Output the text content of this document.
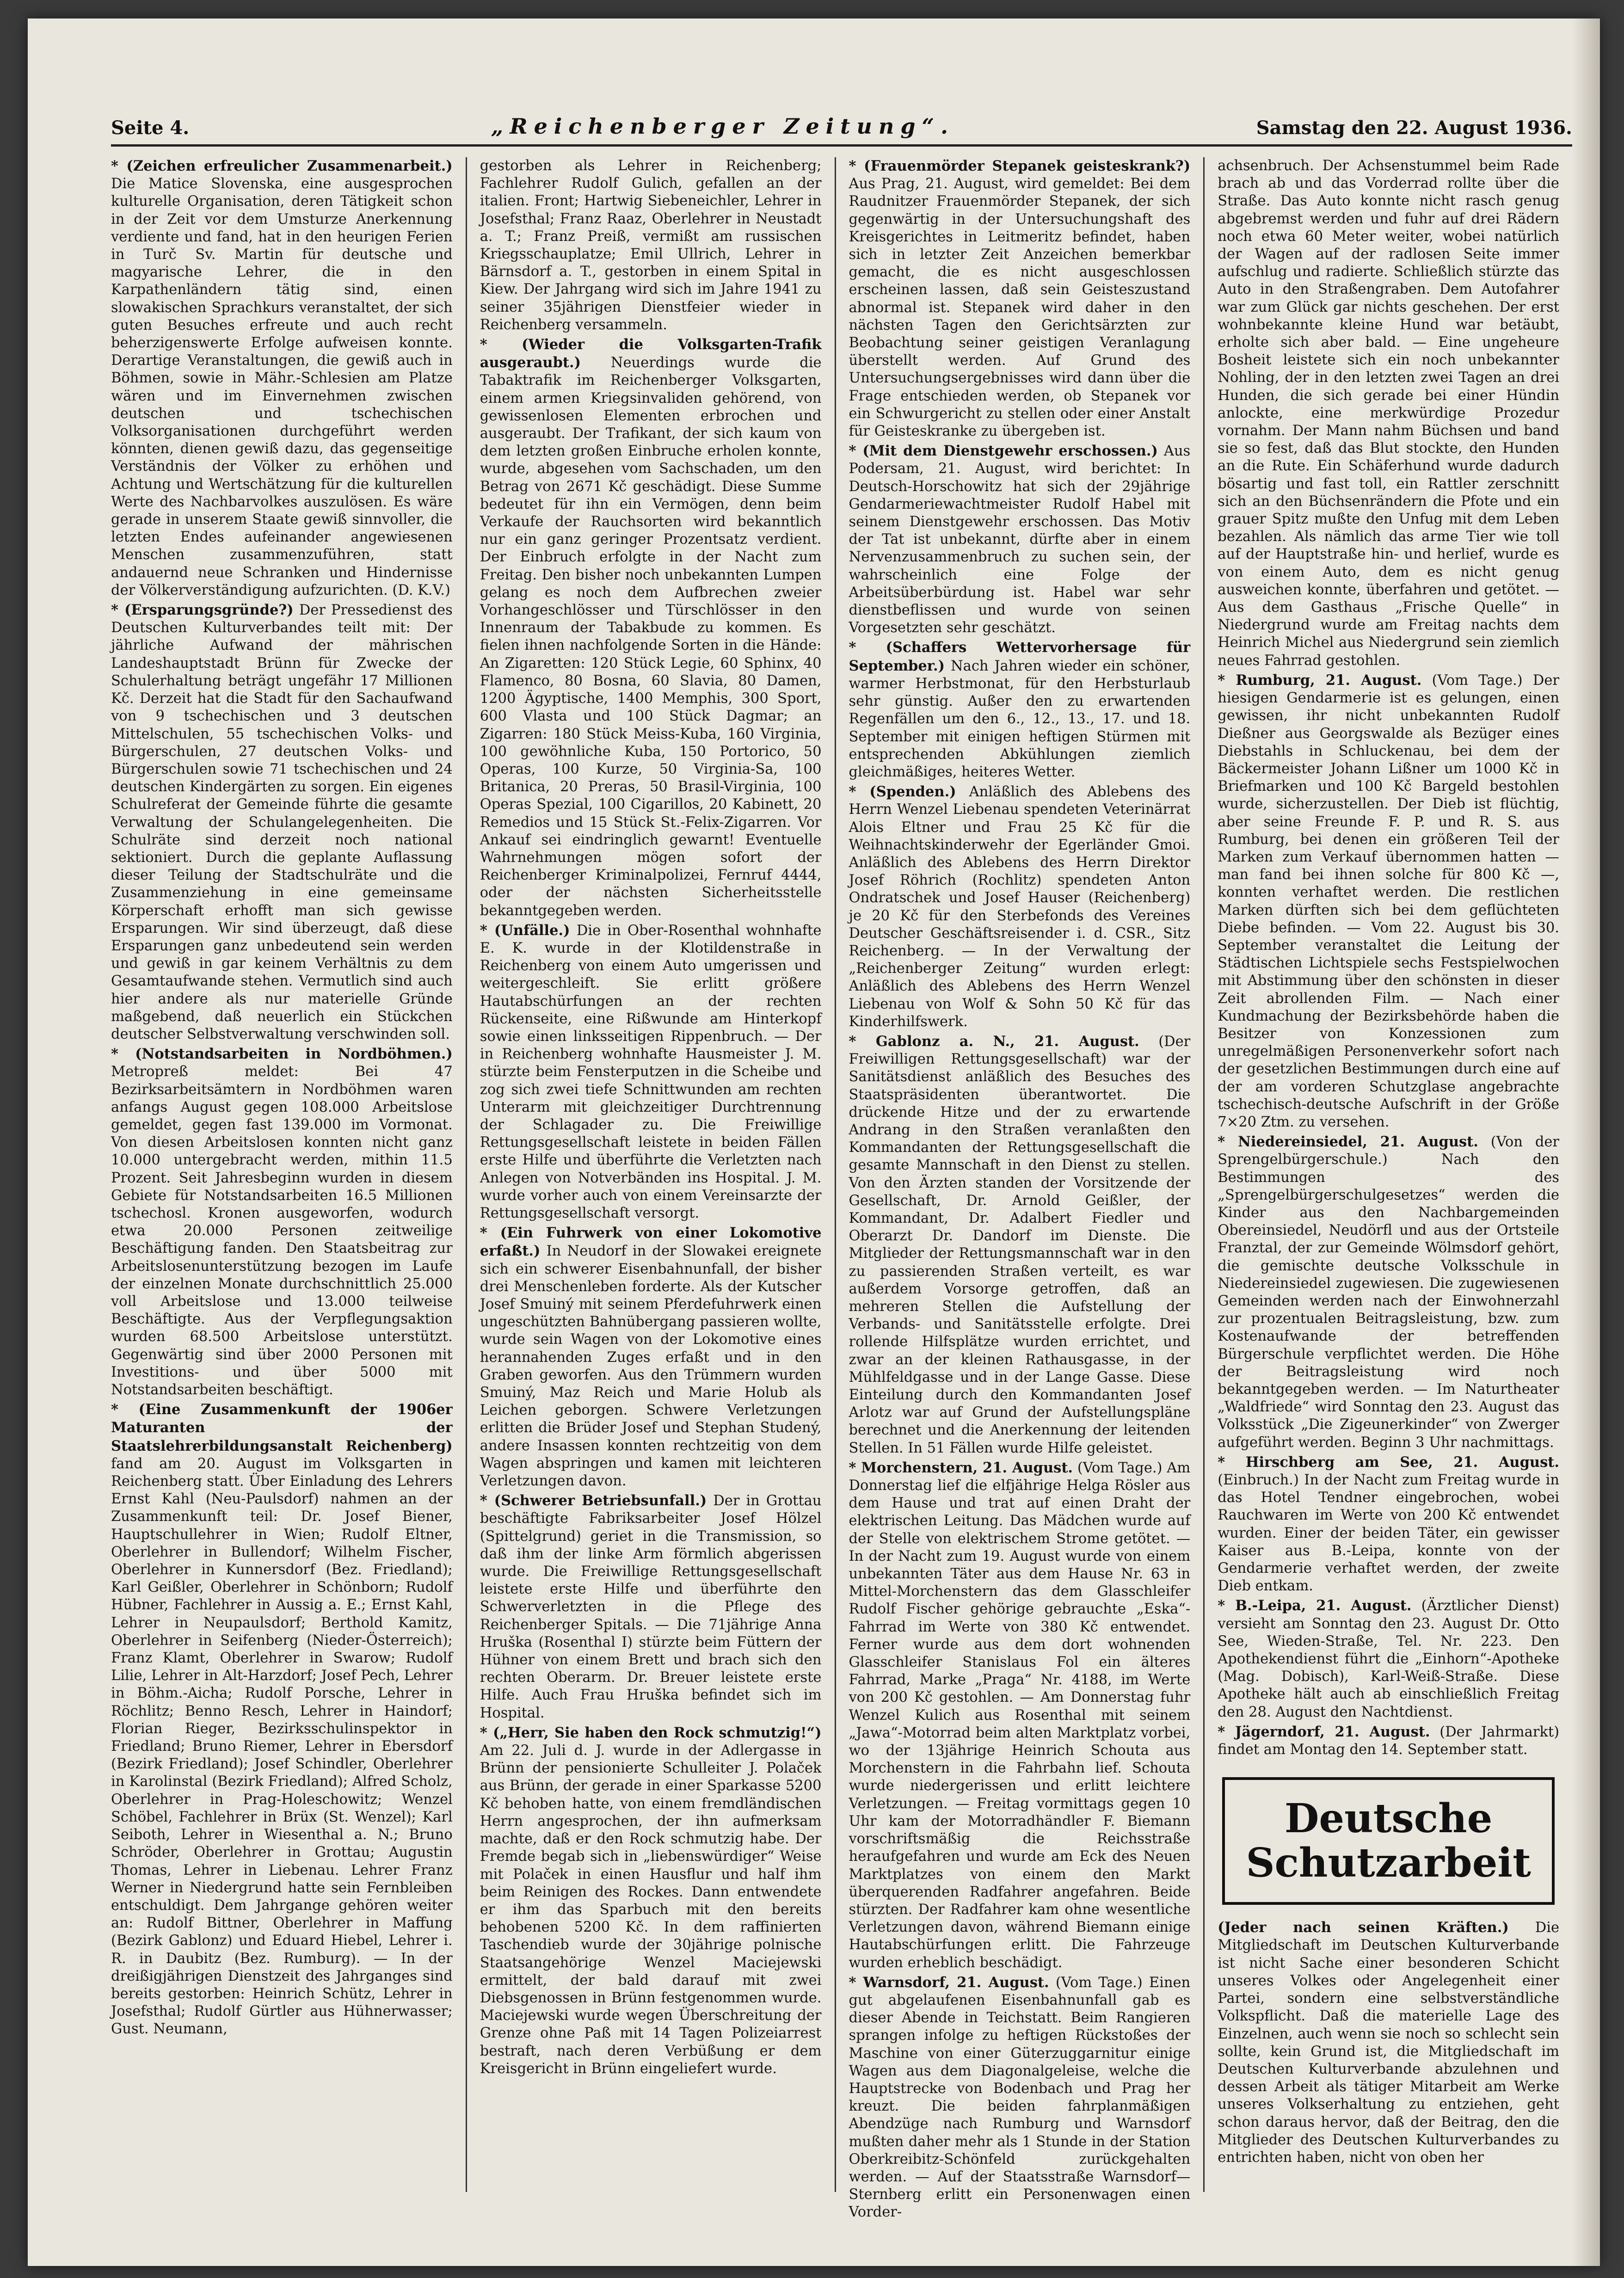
Seite 4.	„Reichenberger Zeitung“.	Samstag den 22. August 1936.

* (Zeichen erfreulicher Zusammenarbeit.) Die Matice Slovenska, eine ausgesprochen kulturelle Organisation, deren Tätigkeit schon in der Zeit vor dem Umsturze Anerkennung verdiente und fand, hat in den heurigen Ferien in Turč Sv. Martin für deutsche und magyarische Lehrer, die in den Karpathenländern tätig sind, einen slowakischen Sprachkurs veranstaltet, der sich guten Besuches erfreute und auch recht beherzigenswerte Erfolge aufweisen konnte. Derartige Veranstaltungen, die gewiß auch in Böhmen, sowie in Mähr.-Schlesien am Platze wären und im Einvernehmen zwischen deutschen und tschechischen Volksorganisationen durchgeführt werden könnten, dienen gewiß dazu, das gegenseitige Verständnis der Völker zu erhöhen und Achtung und Wertschätzung für die kulturellen Werte des Nachbarvolkes auszulösen. Es wäre gerade in unserem Staate gewiß sinnvoller, die letzten Endes aufeinander angewiesenen Menschen zusammenzuführen, statt andauernd neue Schranken und Hindernisse der Völkerverständigung aufzurichten. (D. K.V.)

* (Ersparungsgründe?) Der Pressedienst des Deutschen Kulturverbandes teilt mit: Der jährliche Aufwand der mährischen Landeshauptstadt Brünn für Zwecke der Schulerhaltung beträgt ungefähr 17 Millionen Kč. Derzeit hat die Stadt für den Sachaufwand von 9 tschechischen und 3 deutschen Mittelschulen, 55 tschechischen Volks- und Bürgerschulen, 27 deutschen Volks- und Bürgerschulen sowie 71 tschechischen und 24 deutschen Kindergärten zu sorgen. Ein eigenes Schulreferat der Gemeinde führte die gesamte Verwaltung der Schulangelegenheiten. Die Schulräte sind derzeit noch national sektioniert. Durch die geplante Auflassung dieser Teilung der Stadtschulräte und die Zusammenziehung in eine gemeinsame Körperschaft erhofft man sich gewisse Ersparungen. Wir sind überzeugt, daß diese Ersparungen ganz unbedeutend sein werden und gewiß in gar keinem Verhältnis zu dem Gesamtaufwande stehen. Vermutlich sind auch hier andere als nur materielle Gründe maßgebend, daß neuerlich ein Stückchen deutscher Selbstverwaltung verschwinden soll.

* (Notstandsarbeiten in Nordböhmen.) Metropreß meldet: Bei 47 Bezirksarbeitsämtern in Nordböhmen waren anfangs August gegen 108.000 Arbeitslose gemeldet, gegen fast 139.000 im Vormonat. Von diesen Arbeitslosen konnten nicht ganz 10.000 untergebracht werden, mithin 11.5 Prozent. Seit Jahresbeginn wurden in diesem Gebiete für Notstandsarbeiten 16.5 Millionen tschechosl. Kronen ausgeworfen, wodurch etwa 20.000 Personen zeitweilige Beschäftigung fanden. Den Staatsbeitrag zur Arbeitslosenunterstützung bezogen im Laufe der einzelnen Monate durchschnittlich 25.000 voll Arbeitslose und 13.000 teilweise Beschäftigte. Aus der Verpflegungsaktion wurden 68.500 Arbeitslose unterstützt. Gegenwärtig sind über 2000 Personen mit Investitions- und über 5000 mit Notstandsarbeiten beschäftigt.

* (Eine Zusammenkunft der 1906er Maturanten der Staatslehrerbildungsanstalt Reichenberg) fand am 20. August im Volksgarten in Reichenberg statt. Über Einladung des Lehrers Ernst Kahl (Neu-Paulsdorf) nahmen an der Zusammenkunft teil: Dr. Josef Biener, Hauptschullehrer in Wien; Rudolf Eltner, Oberlehrer in Bullendorf; Wilhelm Fischer, Oberlehrer in Kunnersdorf (Bez. Friedland); Karl Geißler, Oberlehrer in Schönborn; Rudolf Hübner, Fachlehrer in Aussig a. E.; Ernst Kahl, Lehrer in Neupaulsdorf; Berthold Kamitz, Oberlehrer in Seifenberg (Nieder-Österreich); Franz Klamt, Oberlehrer in Swarow; Rudolf Lilie, Lehrer in Alt-Harzdorf; Josef Pech, Lehrer in Böhm.-Aicha; Rudolf Porsche, Lehrer in Röchlitz; Benno Resch, Lehrer in Haindorf; Florian Rieger, Bezirksschulinspektor in Friedland; Bruno Riemer, Lehrer in Ebersdorf (Bezirk Friedland); Josef Schindler, Oberlehrer in Karolinstal (Bezirk Friedland); Alfred Scholz, Oberlehrer in Prag-Holeschowitz; Wenzel Schöbel, Fachlehrer in Brüx (St. Wenzel); Karl Seiboth, Lehrer in Wiesenthal a. N.; Bruno Schröder, Oberlehrer in Grottau; Augustin Thomas, Lehrer in Liebenau. Lehrer Franz Werner in Niedergrund hatte sein Fernbleiben entschuldigt. Dem Jahrgange gehören weiter an: Rudolf Bittner, Oberlehrer in Maffung (Bezirk Gablonz) und Eduard Hiebel, Lehrer i. R. in Daubitz (Bez. Rumburg). — In der dreißigjährigen Dienstzeit des Jahrganges sind bereits gestorben: Heinrich Schütz, Lehrer in Josefsthal; Rudolf Gürtler aus Hühnerwasser; Gust. Neumann,

gestorben als Lehrer in Reichenberg; Fachlehrer Rudolf Gulich, gefallen an der italien. Front; Hartwig Siebeneichler, Lehrer in Josefsthal; Franz Raaz, Oberlehrer in Neustadt a. T.; Franz Preiß, vermißt am russischen Kriegsschauplatze; Emil Ullrich, Lehrer in Bärnsdorf a. T., gestorben in einem Spital in Kiew. Der Jahrgang wird sich im Jahre 1941 zu seiner 35jährigen Dienstfeier wieder in Reichenberg versammeln.

* (Wieder die Volksgarten-Trafik ausgeraubt.) Neuerdings wurde die Tabaktrafik im Reichenberger Volksgarten, einem armen Kriegsinvaliden gehörend, von gewissenlosen Elementen erbrochen und ausgeraubt. Der Trafikant, der sich kaum von dem letzten großen Einbruche erholen konnte, wurde, abgesehen vom Sachschaden, um den Betrag von 2671 Kč geschädigt. Diese Summe bedeutet für ihn ein Vermögen, denn beim Verkaufe der Rauchsorten wird bekanntlich nur ein ganz geringer Prozentsatz verdient. Der Einbruch erfolgte in der Nacht zum Freitag. Den bisher noch unbekannten Lumpen gelang es noch dem Aufbrechen zweier Vorhangeschlösser und Türschlösser in den Innenraum der Tabakbude zu kommen. Es fielen ihnen nachfolgende Sorten in die Hände: An Zigaretten: 120 Stück Legie, 60 Sphinx, 40 Flamenco, 80 Bosna, 60 Slavia, 80 Damen, 1200 Ägyptische, 1400 Memphis, 300 Sport, 600 Vlasta und 100 Stück Dagmar; an Zigarren: 180 Stück Meiss-Kuba, 160 Virginia, 100 gewöhnliche Kuba, 150 Portorico, 50 Operas, 100 Kurze, 50 Virginia-Sa, 100 Britanica, 20 Preras, 50 Brasil-Virginia, 100 Operas Spezial, 100 Cigarillos, 20 Kabinett, 20 Remedios und 15 Stück St.-Felix-Zigarren. Vor Ankauf sei eindringlich gewarnt! Eventuelle Wahrnehmungen mögen sofort der Reichenberger Kriminalpolizei, Fernruf 4444, oder der nächsten Sicherheitsstelle bekanntgegeben werden.

* (Unfälle.) Die in Ober-Rosenthal wohnhafte E. K. wurde in der Klotildenstraße in Reichenberg von einem Auto umgerissen und weitergeschleift. Sie erlitt größere Hautabschürfungen an der rechten Rückenseite, eine Rißwunde am Hinterkopf sowie einen linksseitigen Rippenbruch. — Der in Reichenberg wohnhafte Hausmeister J. M. stürzte beim Fensterputzen in die Scheibe und zog sich zwei tiefe Schnittwunden am rechten Unterarm mit gleichzeitiger Durchtrennung der Schlagader zu. Die Freiwillige Rettungsgesellschaft leistete in beiden Fällen erste Hilfe und überführte die Verletzten nach Anlegen von Notverbänden ins Hospital. J. M. wurde vorher auch von einem Vereinsarzte der Rettungsgesellschaft versorgt.

* (Ein Fuhrwerk von einer Lokomotive erfaßt.) In Neudorf in der Slowakei ereignete sich ein schwerer Eisenbahnunfall, der bisher drei Menschenleben forderte. Als der Kutscher Josef Smuiný mit seinem Pferdefuhrwerk einen ungeschützten Bahnübergang passieren wollte, wurde sein Wagen von der Lokomotive eines herannahenden Zuges erfaßt und in den Graben geworfen. Aus den Trümmern wurden Smuiný, Maz Reich und Marie Holub als Leichen geborgen. Schwere Verletzungen erlitten die Brüder Josef und Stephan Studený, andere Insassen konnten rechtzeitig von dem Wagen abspringen und kamen mit leichteren Verletzungen davon.

* (Schwerer Betriebsunfall.) Der in Grottau beschäftigte Fabriksarbeiter Josef Hölzel (Spittelgrund) geriet in die Transmission, so daß ihm der linke Arm förmlich abgerissen wurde. Die Freiwillige Rettungsgesellschaft leistete erste Hilfe und überführte den Schwerverletzten in die Pflege des Reichenberger Spitals. — Die 71jährige Anna Hruška (Rosenthal I) stürzte beim Füttern der Hühner von einem Brett und brach sich den rechten Oberarm. Dr. Breuer leistete erste Hilfe. Auch Frau Hruška befindet sich im Hospital.

* („Herr, Sie haben den Rock schmutzig!“) Am 22. Juli d. J. wurde in der Adlergasse in Brünn der pensionierte Schulleiter J. Polaček aus Brünn, der gerade in einer Sparkasse 5200 Kč behoben hatte, von einem fremdländischen Herrn angesprochen, der ihn aufmerksam machte, daß er den Rock schmutzig habe. Der Fremde begab sich in „liebenswürdiger“ Weise mit Polaček in einen Hausflur und half ihm beim Reinigen des Rockes. Dann entwendete er ihm das Sparbuch mit den bereits behobenen 5200 Kč. In dem raffinierten Taschendieb wurde der 30jährige polnische Staatsangehörige Wenzel Maciejewski ermittelt, der bald darauf mit zwei Diebsgenossen in Brünn festgenommen wurde. Maciejewski wurde wegen Überschreitung der Grenze ohne Paß mit 14 Tagen Polizeiarrest bestraft, nach deren Verbüßung er dem Kreisgericht in Brünn eingeliefert wurde.

* (Frauenmörder Stepanek geisteskrank?) Aus Prag, 21. August, wird gemeldet: Bei dem Raudnitzer Frauenmörder Stepanek, der sich gegenwärtig in der Untersuchungshaft des Kreisgerichtes in Leitmeritz befindet, haben sich in letzter Zeit Anzeichen bemerkbar gemacht, die es nicht ausgeschlossen erscheinen lassen, daß sein Geisteszustand abnormal ist. Stepanek wird daher in den nächsten Tagen den Gerichtsärzten zur Beobachtung seiner geistigen Veranlagung überstellt werden. Auf Grund des Untersuchungsergebnisses wird dann über die Frage entschieden werden, ob Stepanek vor ein Schwurgericht zu stellen oder einer Anstalt für Geisteskranke zu übergeben ist.

* (Mit dem Dienstgewehr erschossen.) Aus Podersam, 21. August, wird berichtet: In Deutsch-Horschowitz hat sich der 29jährige Gendarmeriewachtmeister Rudolf Habel mit seinem Dienstgewehr erschossen. Das Motiv der Tat ist unbekannt, dürfte aber in einem Nervenzusammenbruch zu suchen sein, der wahrscheinlich eine Folge der Arbeitsüberbürdung ist. Habel war sehr dienstbeflissen und wurde von seinen Vorgesetzten sehr geschätzt.

* (Schaffers Wettervorhersage für September.) Nach Jahren wieder ein schöner, warmer Herbstmonat, für den Herbsturlaub sehr günstig. Außer den zu erwartenden Regenfällen um den 6., 12., 13., 17. und 18. September mit einigen heftigen Stürmen mit entsprechenden Abkühlungen ziemlich gleichmäßiges, heiteres Wetter.

* (Spenden.) Anläßlich des Ablebens des Herrn Wenzel Liebenau spendeten Veterinärrat Alois Eltner und Frau 25 Kč für die Weihnachtskinderwehr der Egerländer Gmoi. Anläßlich des Ablebens des Herrn Direktor Josef Röhrich (Rochlitz) spendeten Anton Ondratschek und Josef Hauser (Reichenberg) je 20 Kč für den Sterbefonds des Vereines Deutscher Geschäftsreisender i. d. CSR., Sitz Reichenberg. — In der Verwaltung der „Reichenberger Zeitung“ wurden erlegt: Anläßlich des Ablebens des Herrn Wenzel Liebenau von Wolf & Sohn 50 Kč für das Kinderhilfswerk.

* Gablonz a. N., 21. August. (Der Freiwilligen Rettungsgesellschaft) war der Sanitätsdienst anläßlich des Besuches des Staatspräsidenten überantwortet. Die drückende Hitze und der zu erwartende Andrang in den Straßen veranlaßten den Kommandanten der Rettungsgesellschaft die gesamte Mannschaft in den Dienst zu stellen. Von den Ärzten standen der Vorsitzende der Gesellschaft, Dr. Arnold Geißler, der Kommandant, Dr. Adalbert Fiedler und Oberarzt Dr. Dandorf im Dienste. Die Mitglieder der Rettungsmannschaft war in den zu passierenden Straßen verteilt, es war außerdem Vorsorge getroffen, daß an mehreren Stellen die Aufstellung der Verbands- und Sanitätsstelle erfolgte. Drei rollende Hilfsplätze wurden errichtet, und zwar an der kleinen Rathausgasse, in der Mühlfeldgasse und in der Lange Gasse. Diese Einteilung durch den Kommandanten Josef Arlotz war auf Grund der Aufstellungspläne berechnet und die Anerkennung der leitenden Stellen. In 51 Fällen wurde Hilfe geleistet.

* Morchenstern, 21. August. (Vom Tage.) Am Donnerstag lief die elfjährige Helga Rösler aus dem Hause und trat auf einen Draht der elektrischen Leitung. Das Mädchen wurde auf der Stelle von elektrischem Strome getötet. — In der Nacht zum 19. August wurde von einem unbekannten Täter aus dem Hause Nr. 63 in Mittel-Morchenstern das dem Glasschleifer Rudolf Fischer gehörige gebrauchte „Eska“-Fahrrad im Werte von 380 Kč entwendet. Ferner wurde aus dem dort wohnenden Glasschleifer Stanislaus Fol ein älteres Fahrrad, Marke „Praga“ Nr. 4188, im Werte von 200 Kč gestohlen. — Am Donnerstag fuhr Wenzel Kulich aus Rosenthal mit seinem „Jawa“-Motorrad beim alten Marktplatz vorbei, wo der 13jährige Heinrich Schouta aus Morchenstern in die Fahrbahn lief. Schouta wurde niedergerissen und erlitt leichtere Verletzungen. — Freitag vormittags gegen 10 Uhr kam der Motorradhändler F. Biemann vorschriftsmäßig die Reichsstraße heraufgefahren und wurde am Eck des Neuen Marktplatzes von einem den Markt überquerenden Radfahrer angefahren. Beide stürzten. Der Radfahrer kam ohne wesentliche Verletzungen davon, während Biemann einige Hautabschürfungen erlitt. Die Fahrzeuge wurden erheblich beschädigt.

* Warnsdorf, 21. August. (Vom Tage.) Einen gut abgelaufenen Eisenbahnunfall gab es dieser Abende in Teichstatt. Beim Rangieren sprangen infolge zu heftigen Rückstoßes der Maschine von einer Güterzuggarnitur einige Wagen aus dem Diagonalgeleise, welche die Hauptstrecke von Bodenbach und Prag her kreuzt. Die beiden fahrplanmäßigen Abendzüge nach Rumburg und Warnsdorf mußten daher mehr als 1 Stunde in der Station Oberkreibitz-Schönfeld zurückgehalten werden. — Auf der Staatsstraße Warnsdorf—Sternberg erlitt ein Personenwagen einen Vorder-

achsenbruch. Der Achsenstummel beim Rade brach ab und das Vorderrad rollte über die Straße. Das Auto konnte nicht rasch genug abgebremst werden und fuhr auf drei Rädern noch etwa 60 Meter weiter, wobei natürlich der Wagen auf der radlosen Seite immer aufschlug und radierte. Schließlich stürzte das Auto in den Straßengraben. Dem Autofahrer war zum Glück gar nichts geschehen. Der erst wohnbekannte kleine Hund war betäubt, erholte sich aber bald. — Eine ungeheure Bosheit leistete sich ein noch unbekannter Nohling, der in den letzten zwei Tagen an drei Hunden, die sich gerade bei einer Hündin anlockte, eine merkwürdige Prozedur vornahm. Der Mann nahm Büchsen und band sie so fest, daß das Blut stockte, den Hunden an die Rute. Ein Schäferhund wurde dadurch bösartig und fast toll, ein Rattler zerschnitt sich an den Büchsenrändern die Pfote und ein grauer Spitz mußte den Unfug mit dem Leben bezahlen. Als nämlich das arme Tier wie toll auf der Hauptstraße hin- und herlief, wurde es von einem Auto, dem es nicht genug ausweichen konnte, überfahren und getötet. — Aus dem Gasthaus „Frische Quelle“ in Niedergrund wurde am Freitag nachts dem Heinrich Michel aus Niedergrund sein ziemlich neues Fahrrad gestohlen.

* Rumburg, 21. August. (Vom Tage.) Der hiesigen Gendarmerie ist es gelungen, einen gewissen, ihr nicht unbekannten Rudolf Dießner aus Georgswalde als Bezüger eines Diebstahls in Schluckenau, bei dem der Bäckermeister Johann Lißner um 1000 Kč in Briefmarken und 100 Kč Bargeld bestohlen wurde, sicherzustellen. Der Dieb ist flüchtig, aber seine Freunde F. P. und R. S. aus Rumburg, bei denen ein größeren Teil der Marken zum Verkauf übernommen hatten — man fand bei ihnen solche für 800 Kč —, konnten verhaftet werden. Die restlichen Marken dürften sich bei dem geflüchteten Diebe befinden. — Vom 22. August bis 30. September veranstaltet die Leitung der Städtischen Lichtspiele sechs Festspielwochen mit Abstimmung über den schönsten in dieser Zeit abrollenden Film. — Nach einer Kundmachung der Bezirksbehörde haben die Besitzer von Konzessionen zum unregelmäßigen Personenverkehr sofort nach der gesetzlichen Bestimmungen durch eine auf der am vorderen Schutzglase angebrachte tschechisch-deutsche Aufschrift in der Größe 7×20 Ztm. zu versehen.

* Niedereinsiedel, 21. August. (Von der Sprengelbürgerschule.) Nach den Bestimmungen des „Sprengelbürgerschulgesetzes“ werden die Kinder aus den Nachbargemeinden Obereinsiedel, Neudörfl und aus der Ortsteile Franztal, der zur Gemeinde Wölmsdorf gehört, die gemischte deutsche Volksschule in Niedereinsiedel zugewiesen. Die zugewiesenen Gemeinden werden nach der Einwohnerzahl zur prozentualen Beitragsleistung, bzw. zum Kostenaufwande der betreffenden Bürgerschule verpflichtet werden. Die Höhe der Beitragsleistung wird noch bekanntgegeben werden. — Im Naturtheater „Waldfriede“ wird Sonntag den 23. August das Volksstück „Die Zigeunerkinder“ von Zwerger aufgeführt werden. Beginn 3 Uhr nachmittags.

* Hirschberg am See, 21. August. (Einbruch.) In der Nacht zum Freitag wurde in das Hotel Tendner eingebrochen, wobei Rauchwaren im Werte von 200 Kč entwendet wurden. Einer der beiden Täter, ein gewisser Kaiser aus B.-Leipa, konnte von der Gendarmerie verhaftet werden, der zweite Dieb entkam.

* B.-Leipa, 21. August. (Ärztlicher Dienst) versieht am Sonntag den 23. August Dr. Otto See, Wieden-Straße, Tel. Nr. 223. Den Apothekendienst führt die „Einhorn“-Apotheke (Mag. Dobisch), Karl-Weiß-Straße. Diese Apotheke hält auch ab einschließlich Freitag den 28. August den Nachtdienst.

* Jägerndorf, 21. August. (Der Jahrmarkt) findet am Montag den 14. September statt.

Deutsche Schutzarbeit

(Jeder nach seinen Kräften.) Die Mitgliedschaft im Deutschen Kulturverbande ist nicht Sache einer besonderen Schicht unseres Volkes oder Angelegenheit einer Partei, sondern eine selbstverständliche Volkspflicht. Daß die materielle Lage des Einzelnen, auch wenn sie noch so schlecht sein sollte, kein Grund ist, die Mitgliedschaft im Deutschen Kulturverbande abzulehnen und dessen Arbeit als tätiger Mitarbeit am Werke unseres Volkserhaltung zu entziehen, geht schon daraus hervor, daß der Beitrag, den die Mitglieder des Deutschen Kulturverbandes zu entrichten haben, nicht von oben her
